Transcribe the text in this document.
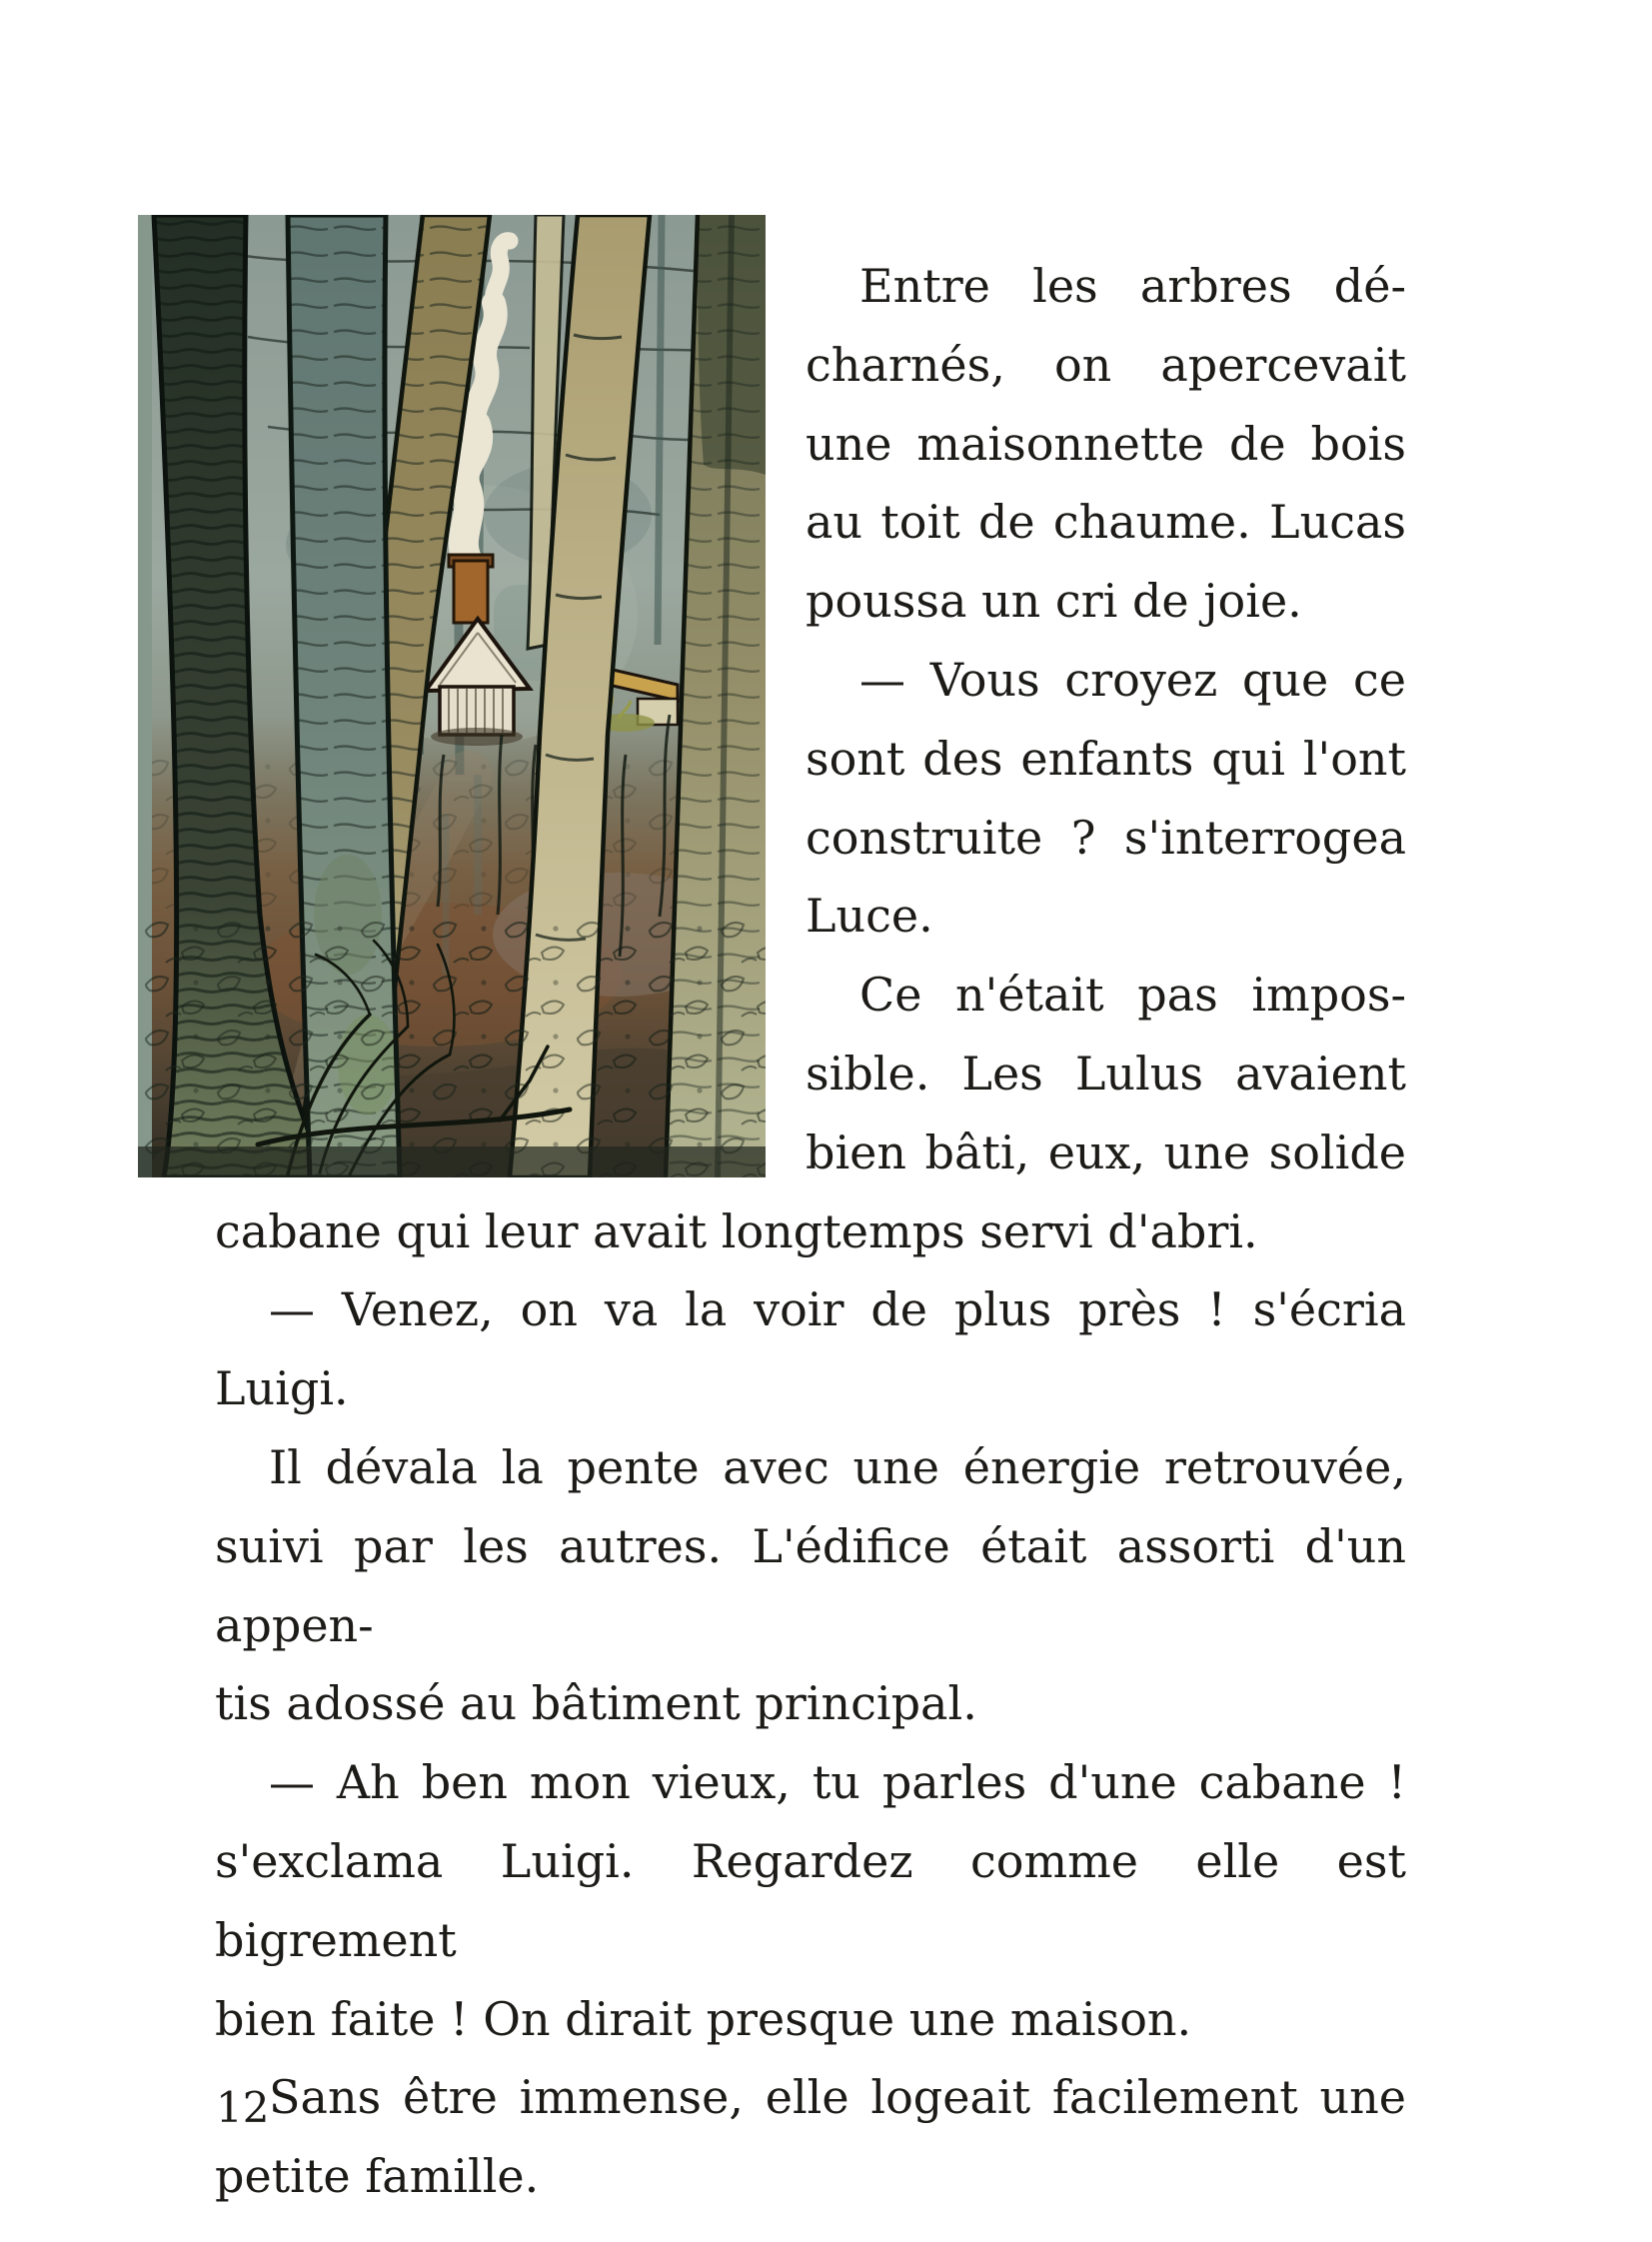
Entre les arbres dé-
charnés, on apercevait
une maisonnette de bois
au toit de chaume. Lucas
poussa un cri de joie.
— Vous croyez que ce
sont des enfants qui l'ont
construite ? s'interrogea
Luce.
Ce n'était pas impos-
sible. Les Lulus avaient
bien bâti, eux, une solide
cabane qui leur avait longtemps servi d'abri.
— Venez, on va la voir de plus près ! s'écria Luigi.
Il dévala la pente avec une énergie retrouvée,
suivi par les autres. L'édifice était assorti d'un appen-
tis adossé au bâtiment principal.
— Ah ben mon vieux, tu parles d'une cabane !
s'exclama Luigi. Regardez comme elle est bigrement
bien faite ! On dirait presque une maison.
Sans être immense, elle logeait facilement une
petite famille.
12
